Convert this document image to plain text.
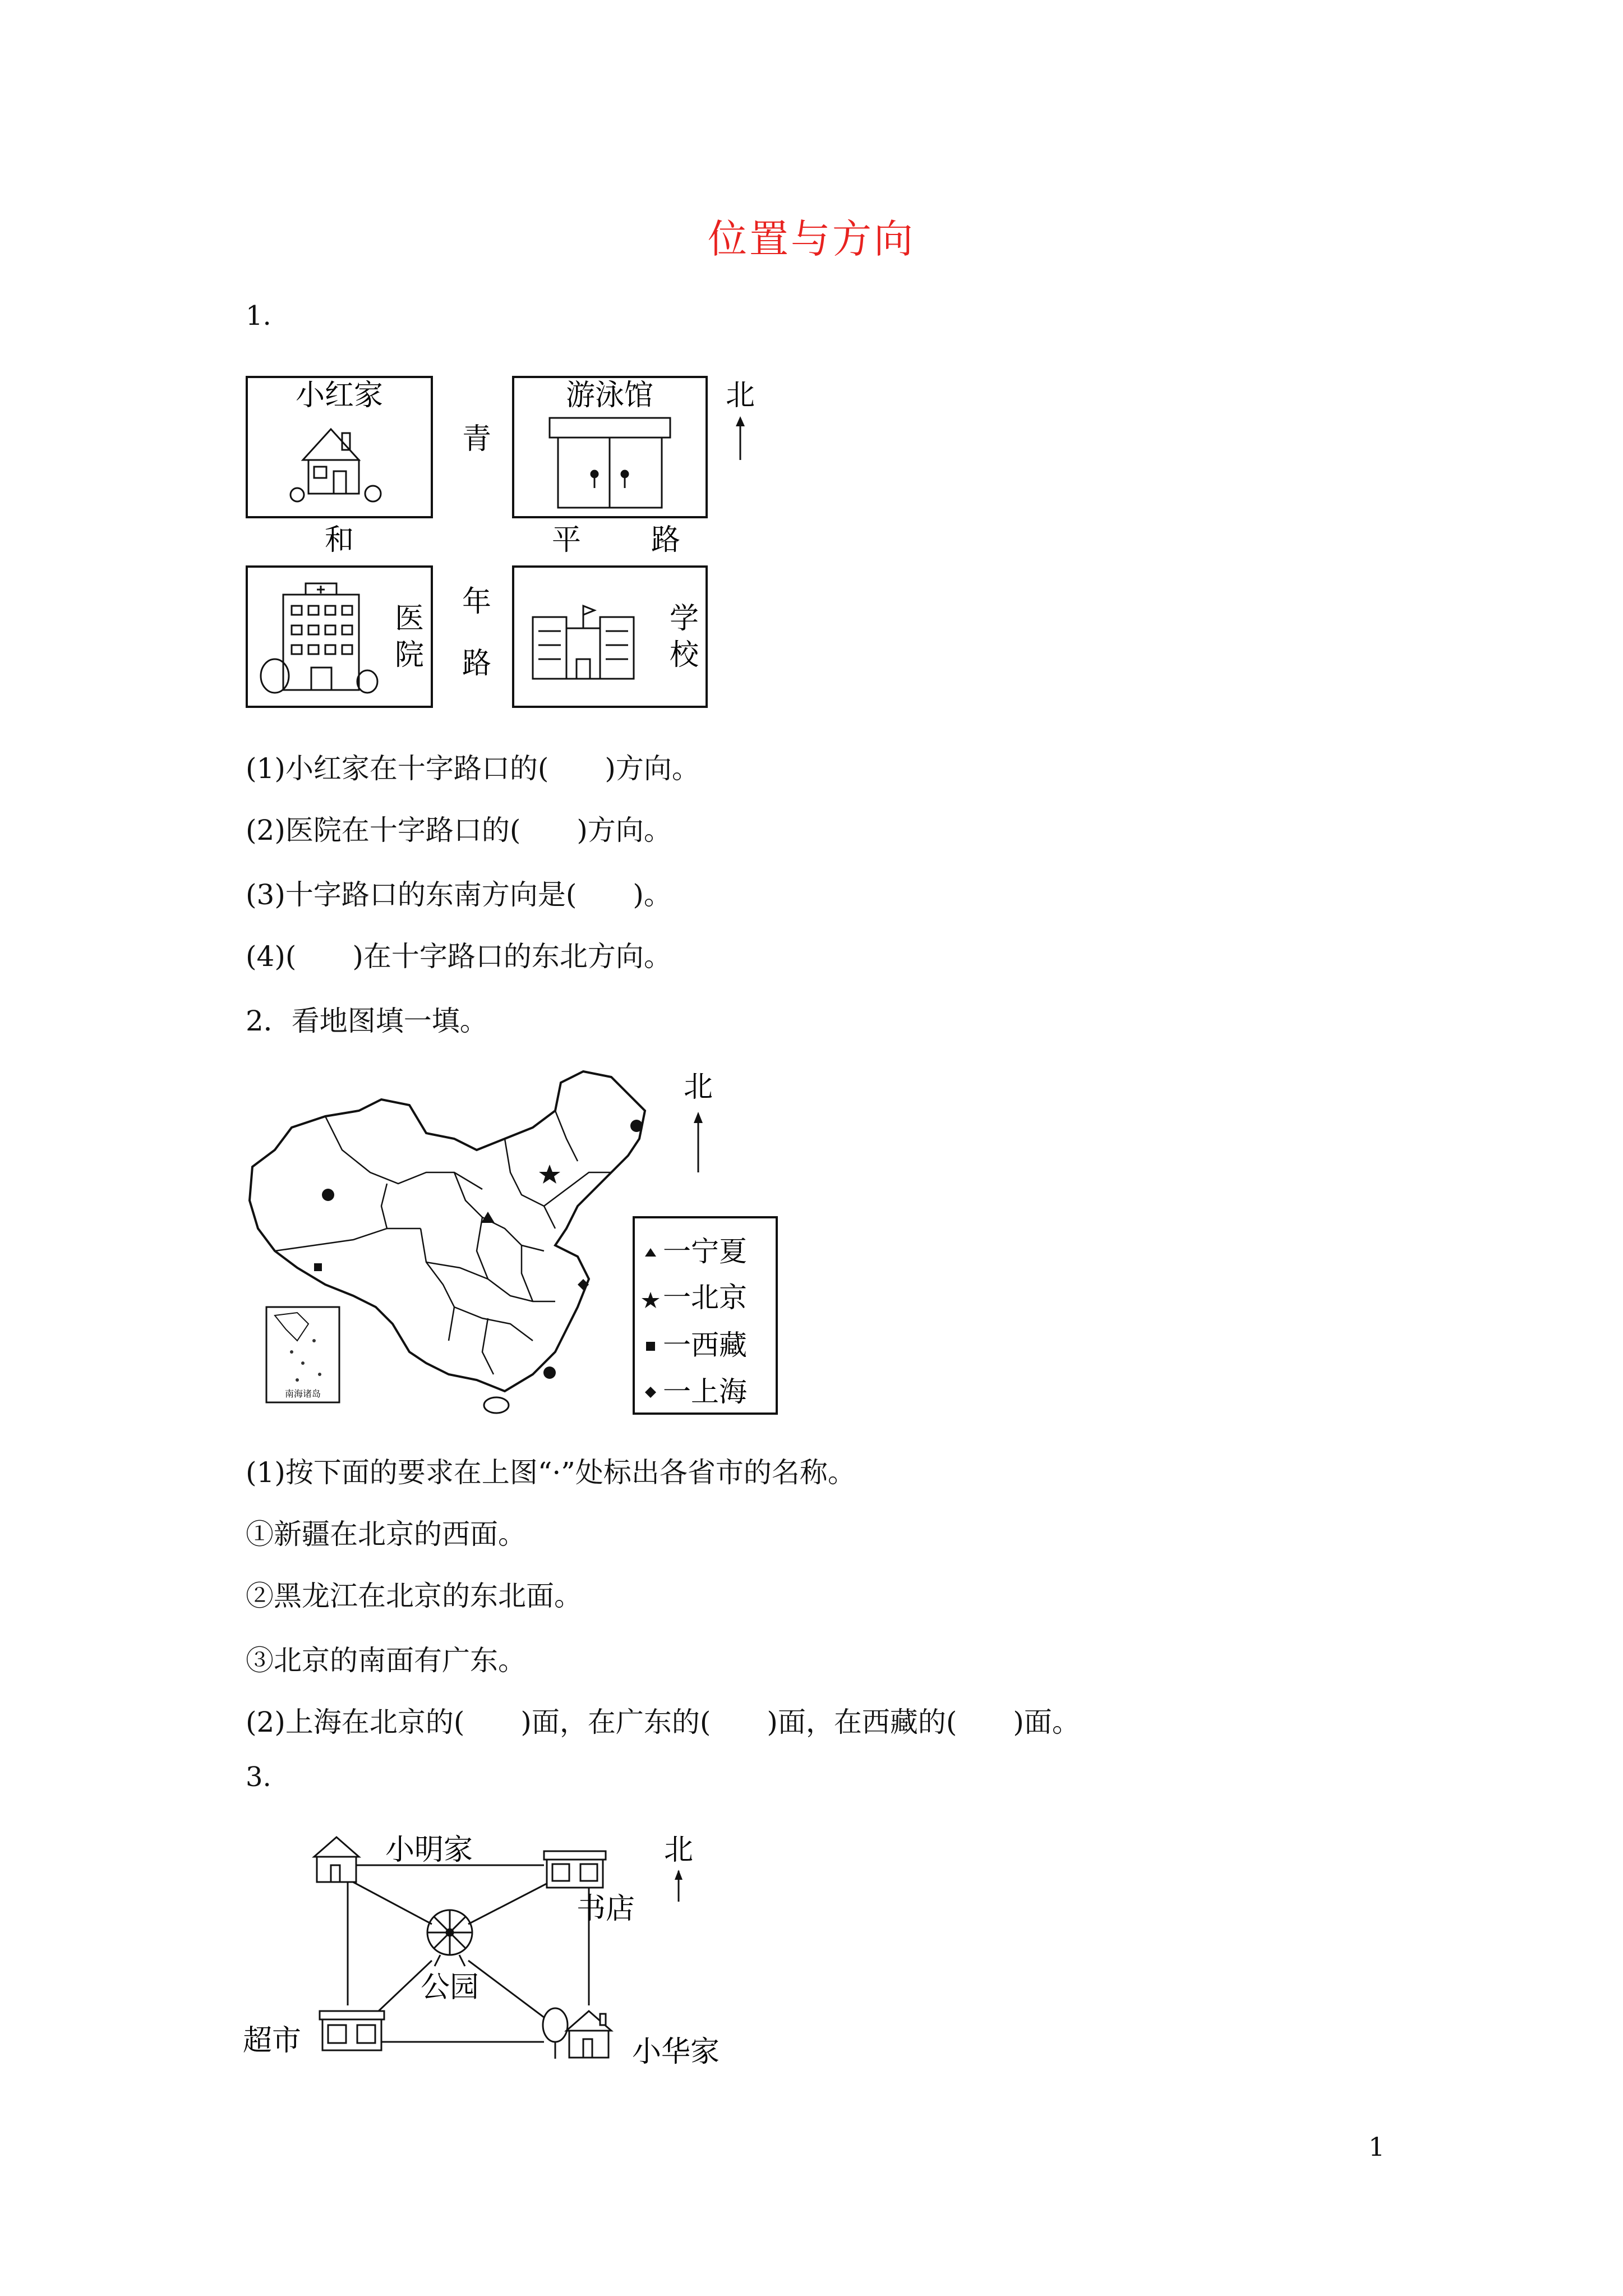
位置与方向
1.
小红家
青
游泳馆 北
和	平 路
年
路
医
院
学
校
(1)小红家在十字路口的(　　)方向。
(2)医院在十字路口的(　　)方向。
(3)十字路口的东南方向是(　　)。
(4)(　　)在十字路口的东北方向。
2．看地图填一填。
南海诸岛
北
一宁夏
一北京
一西藏
一上海
(1)按下面的要求在上图“·”处标出各省市的名称。
①新疆在北京的西面。
②黑龙江在北京的东北面。
③北京的南面有广东。
(2)上海在北京的(　　)面，在广东的(　　)面，在西藏的(　　)面。
3.
小明家
书店
北
公园
超市	小华家
1
